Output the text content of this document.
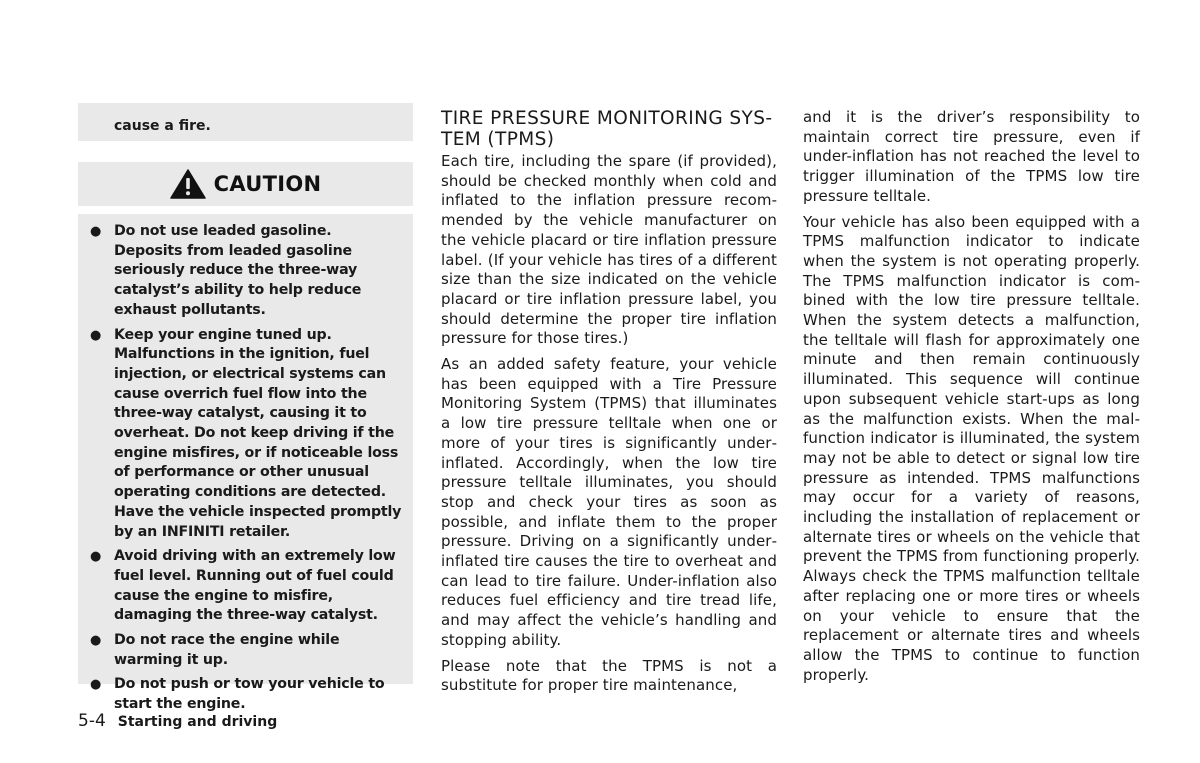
cause a fire.

CAUTION
● Do not use leaded gasoline. Deposits from leaded gasoline seriously reduce the three-way catalyst’s ability to help reduce exhaust pollutants.
● Keep your engine tuned up. Malfunctions in the ignition, fuel injection, or electrical systems can cause overrich fuel flow into the three-way catalyst, causing it to overheat. Do not keep driving if the engine misfires, or if noticeable loss of performance or other unusual operating conditions are detected. Have the vehicle inspected promptly by an INFINITI retailer.
● Avoid driving with an extremely low fuel level. Running out of fuel could cause the engine to misfire, damaging the three-way catalyst.
● Do not race the engine while warming it up.
● Do not push or tow your vehicle to start the engine.
TIRE PRESSURE MONITORING SYS-TEM (TPMS)

Each tire, including the spare (if provided), should be checked monthly when cold and inflated to the inflation pressure recommended by the vehicle manufacturer on the vehicle placard or tire inflation pressure label. (If your vehicle has tires of a different size than the size indicated on the vehicle placard or tire inflation pressure label, you should determine the proper tire inflation pressure for those tires.)

As an added safety feature, your vehicle has been equipped with a Tire Pressure Monitoring System (TPMS) that illuminates a low tire pressure telltale when one or more of your tires is significantly underinflated. Accordingly, when the low tire pressure telltale illuminates, you should stop and check your tires as soon as possible, and inflate them to the proper pressure. Driving on a significantly underinflated tire causes the tire to overheat and can lead to tire failure. Under-inflation also reduces fuel efficiency and tire tread life, and may affect the vehicle’s handling and stopping ability.

Please note that the TPMS is not a substitute for proper tire maintenance,

and it is the driver’s responsibility to maintain correct tire pressure, even if under-inflation has not reached the level to trigger illumination of the TPMS low tire pressure telltale.

Your vehicle has also been equipped with a TPMS malfunction indicator to indicate when the system is not operating properly. The TPMS malfunction indicator is combined with the low tire pressure telltale. When the system detects a malfunction, the telltale will flash for approximately one minute and then remain continuously illuminated. This sequence will continue upon subsequent vehicle start-ups as long as the malfunction exists. When the malfunction indicator is illuminated, the system may not be able to detect or signal low tire pressure as intended. TPMS malfunctions may occur for a variety of reasons, including the installation of replacement or alternate tires or wheels on the vehicle that prevent the TPMS from functioning properly. Always check the TPMS malfunction telltale after replacing one or more tires or wheels on your vehicle to ensure that the replacement or alternate tires and wheels allow the TPMS to continue to function properly.

5-4 Starting and driving
